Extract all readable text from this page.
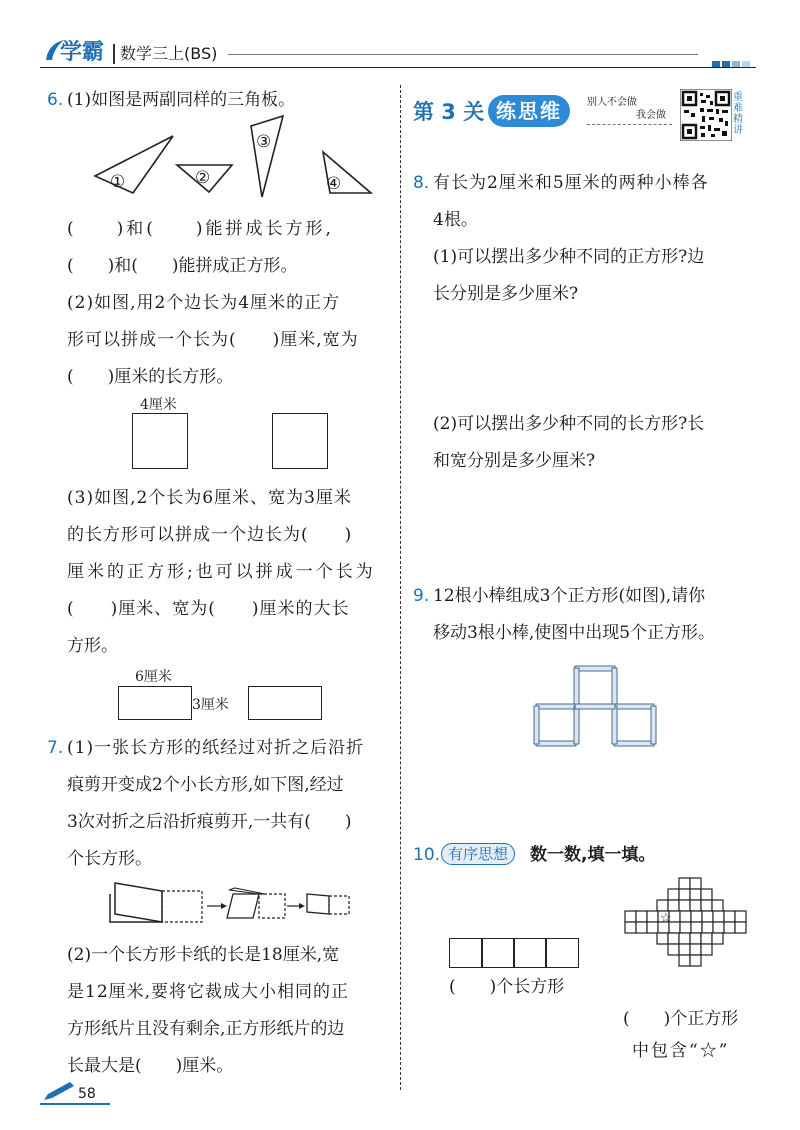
学霸 数学三上(BS)
6. (1)如图是两副同样的三角板。
①	②
③
④
(　　)和(　　)能拼成长方形,
(　　)和(　　)能拼成正方形。
(2)如图,用2个边长为4厘米的正方
形可以拼成一个长为(　　)厘米,宽为
(　　)厘米的长方形。
4厘米
(3)如图,2个长为6厘米、宽为3厘米
的长方形可以拼成一个边长为(　　)
厘米的正方形;也可以拼成一个长为
(　　)厘米、宽为(　　)厘米的大长
方形。
6厘米
3厘米
7. (1)一张长方形的纸经过对折之后沿折
痕剪开变成2个小长方形,如下图,经过
3次对折之后沿折痕剪开,一共有(　　)
个长方形。
(2)一个长方形卡纸的长是18厘米,宽
是12厘米,要将它裁成大小相同的正
方形纸片且没有剩余,正方形纸片的边
长最大是(　　)厘米。
58
第 3 关 练思维	别人不会做
我会做
重难精讲
8. 有长为2厘米和5厘米的两种小棒各
4根。
(1)可以摆出多少种不同的正方形?边
长分别是多少厘米?
(2)可以摆出多少种不同的长方形?长
和宽分别是多少厘米?
9. 12根小棒组成3个正方形(如图),请你
移动3根小棒,使图中出现5个正方形。
10. 有序思想	数一数,填一填。
(　　)个长方形
☆
(　　)个正方形
中包含“☆”
